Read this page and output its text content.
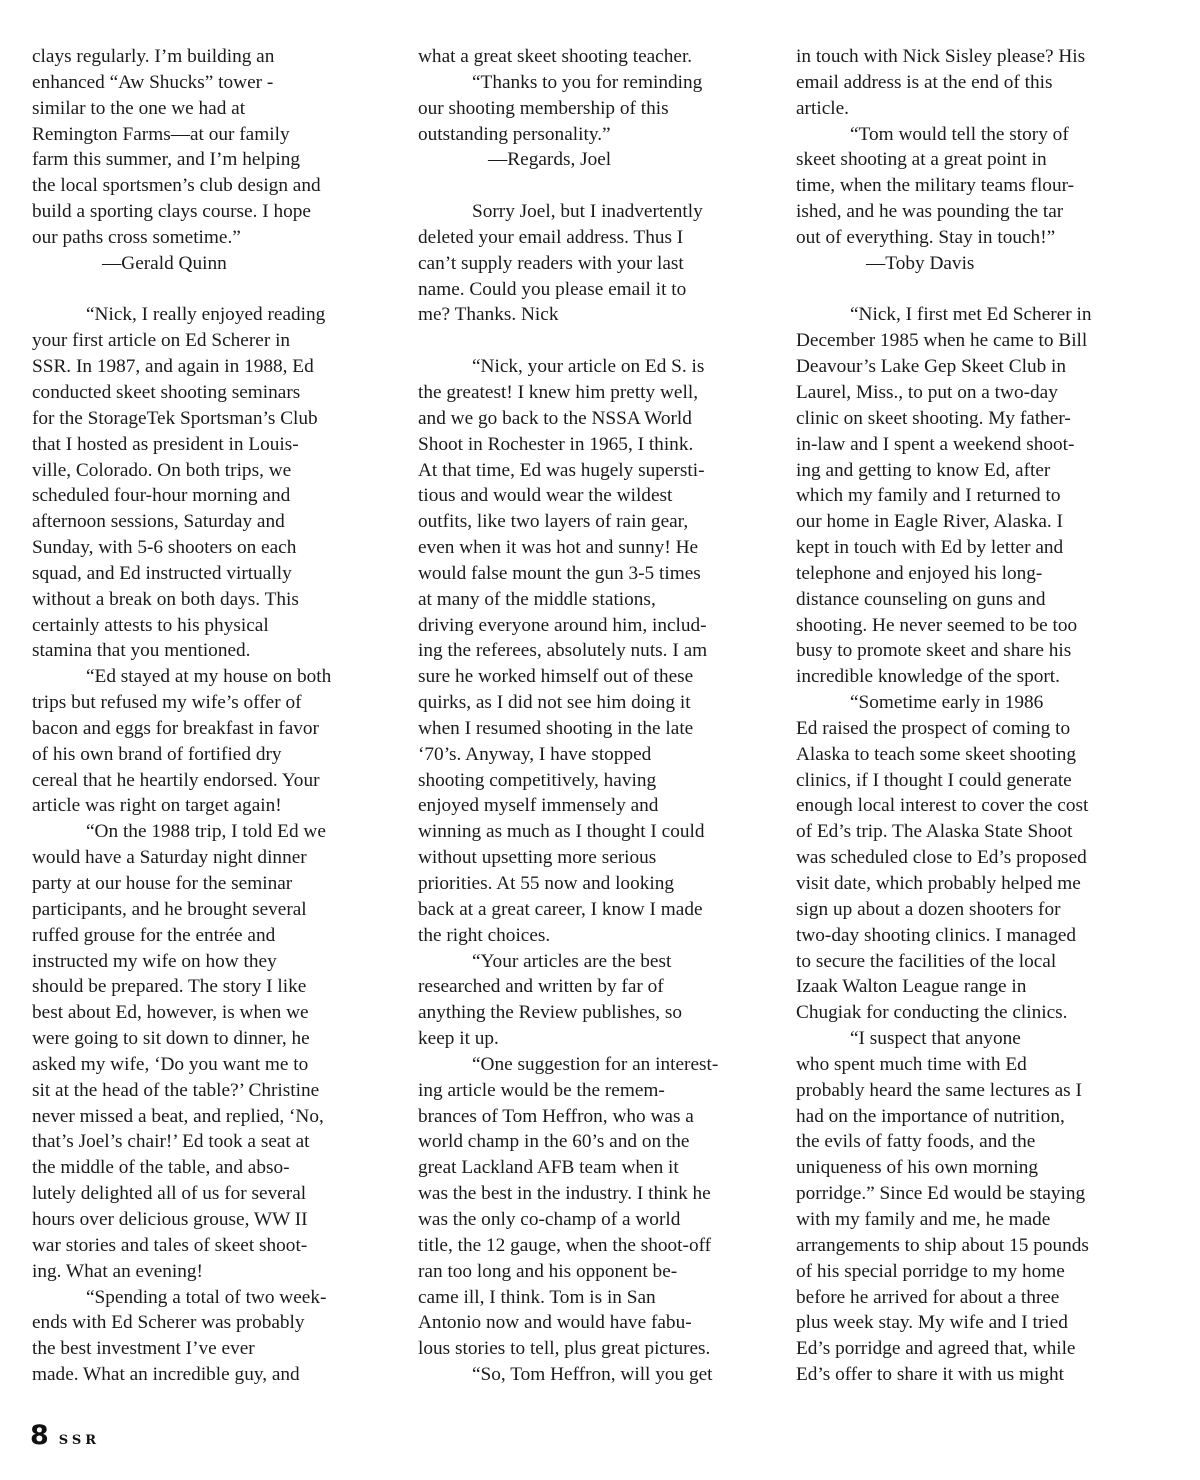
clays regularly. I’m building an
enhanced “Aw Shucks” tower -
similar to the one we had at
Remington Farms—at our family
farm this summer, and I’m helping
the local sportsmen’s club design and
build a sporting clays course. I hope
our paths cross sometime.”
—Gerald Quinn
“Nick, I really enjoyed reading
your first article on Ed Scherer in
SSR. In 1987, and again in 1988, Ed
conducted skeet shooting seminars
for the StorageTek Sportsman’s Club
that I hosted as president in Louis-
ville, Colorado. On both trips, we
scheduled four-hour morning and
afternoon sessions, Saturday and
Sunday, with 5-6 shooters on each
squad, and Ed instructed virtually
without a break on both days. This
certainly attests to his physical
stamina that you mentioned.
“Ed stayed at my house on both
trips but refused my wife’s offer of
bacon and eggs for breakfast in favor
of his own brand of fortified dry
cereal that he heartily endorsed. Your
article was right on target again!
“On the 1988 trip, I told Ed we
would have a Saturday night dinner
party at our house for the seminar
participants, and he brought several
ruffed grouse for the entrée and
instructed my wife on how they
should be prepared. The story I like
best about Ed, however, is when we
were going to sit down to dinner, he
asked my wife, ‘Do you want me to
sit at the head of the table?’ Christine
never missed a beat, and replied, ‘No,
that’s Joel’s chair!’ Ed took a seat at
the middle of the table, and abso-
lutely delighted all of us for several
hours over delicious grouse, WW II
war stories and tales of skeet shoot-
ing. What an evening!
“Spending a total of two week-
ends with Ed Scherer was probably
the best investment I’ve ever
made. What an incredible guy, and
what a great skeet shooting teacher.
“Thanks to you for reminding
our shooting membership of this
outstanding personality.”
—Regards, Joel
Sorry Joel, but I inadvertently
deleted your email address. Thus I
can’t supply readers with your last
name. Could you please email it to
me? Thanks. Nick
“Nick, your article on Ed S. is
the greatest! I knew him pretty well,
and we go back to the NSSA World
Shoot in Rochester in 1965, I think.
At that time, Ed was hugely supersti-
tious and would wear the wildest
outfits, like two layers of rain gear,
even when it was hot and sunny! He
would false mount the gun 3-5 times
at many of the middle stations,
driving everyone around him, includ-
ing the referees, absolutely nuts. I am
sure he worked himself out of these
quirks, as I did not see him doing it
when I resumed shooting in the late
‘70’s. Anyway, I have stopped
shooting competitively, having
enjoyed myself immensely and
winning as much as I thought I could
without upsetting more serious
priorities. At 55 now and looking
back at a great career, I know I made
the right choices.
“Your articles are the best
researched and written by far of
anything the Review publishes, so
keep it up.
“One suggestion for an interest-
ing article would be the remem-
brances of Tom Heffron, who was a
world champ in the 60’s and on the
great Lackland AFB team when it
was the best in the industry. I think he
was the only co-champ of a world
title, the 12 gauge, when the shoot-off
ran too long and his opponent be-
came ill, I think. Tom is in San
Antonio now and would have fabu-
lous stories to tell, plus great pictures.
“So, Tom Heffron, will you get
in touch with Nick Sisley please? His
email address is at the end of this
article.
“Tom would tell the story of
skeet shooting at a great point in
time, when the military teams flour-
ished, and he was pounding the tar
out of everything. Stay in touch!”
—Toby Davis
“Nick, I first met Ed Scherer in
December 1985 when he came to Bill
Deavour’s Lake Gep Skeet Club in
Laurel, Miss., to put on a two-day
clinic on skeet shooting. My father-
in-law and I spent a weekend shoot-
ing and getting to know Ed, after
which my family and I returned to
our home in Eagle River, Alaska. I
kept in touch with Ed by letter and
telephone and enjoyed his long-
distance counseling on guns and
shooting. He never seemed to be too
busy to promote skeet and share his
incredible knowledge of the sport.
“Sometime early in 1986
Ed raised the prospect of coming to
Alaska to teach some skeet shooting
clinics, if I thought I could generate
enough local interest to cover the cost
of Ed’s trip. The Alaska State Shoot
was scheduled close to Ed’s proposed
visit date, which probably helped me
sign up about a dozen shooters for
two-day shooting clinics. I managed
to secure the facilities of the local
Izaak Walton League range in
Chugiak for conducting the clinics.
“I suspect that anyone
who spent much time with Ed
probably heard the same lectures as I
had on the importance of nutrition,
the evils of fatty foods, and the
uniqueness of his own morning
porridge.” Since Ed would be staying
with my family and me, he made
arrangements to ship about 15 pounds
of his special porridge to my home
before he arrived for about a three
plus week stay. My wife and I tried
Ed’s porridge and agreed that, while
Ed’s offer to share it with us might
8 SSR
